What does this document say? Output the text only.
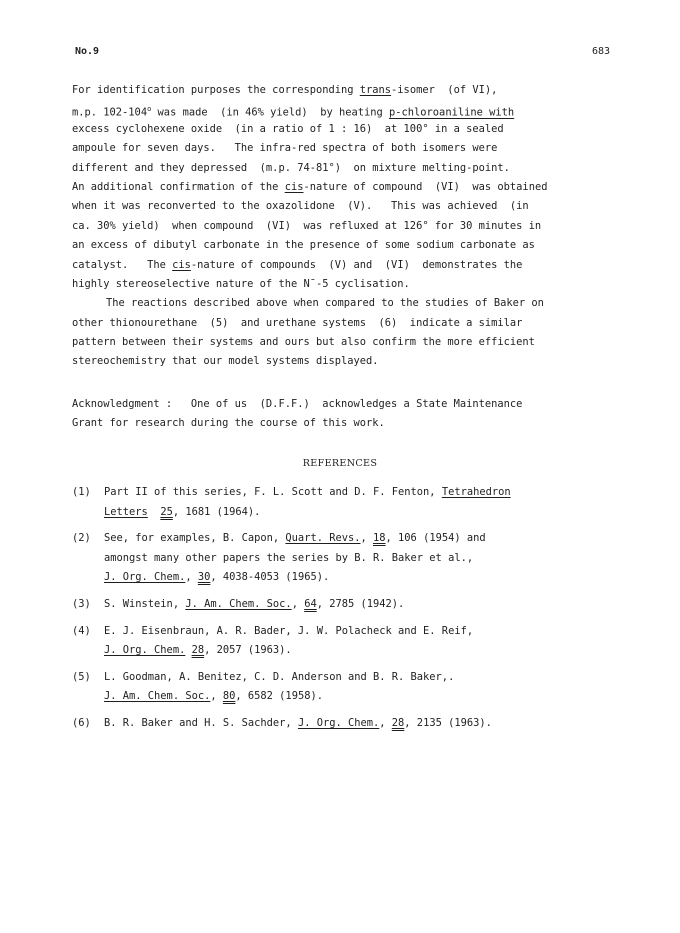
No.9	683
For identification purposes the corresponding trans-isomer  (of VI),
m.p. 102-104$^o$ was made  (in 46% yield)  by heating p-chloroaniline with
excess cyclohexene oxide  (in a ratio of 1 : 16)  at 100° in a sealed
ampoule for seven days.   The infra-red spectra of both isomers were
different and they depressed  (m.p. 74-81°)  on mixture melting-point.
An additional confirmation of the cis-nature of compound  (VI)  was obtained
when it was reconverted to the oxazolidone  (V).   This was achieved  (in
ca. 30% yield)  when compound  (VI)  was refluxed at 126° for 30 minutes in
an excess of dibutyl carbonate in the presence of some sodium carbonate as
catalyst.   The cis-nature of compounds  (V) and  (VI)  demonstrates the
highly stereoselective nature of the N¯-5 cyclisation.
The reactions described above when compared to the studies of Baker on
other thionourethane  (5)  and urethane systems  (6)  indicate a similar
pattern between their systems and ours but also confirm the more efficient
stereochemistry that our model systems displayed.
Acknowledgment :   One of us  (D.F.F.)  acknowledges a State Maintenance
Grant for research during the course of this work.
REFERENCES
(1) Part II of this series, F. L. Scott and D. F. Fenton, Tetrahedron
Letters 25, 1681 (1964).
(2) See, for examples, B. Capon, Quart. Revs., 18, 106 (1954) and
amongst many other papers the series by B. R. Baker et al.,
J. Org. Chem., 30, 4038-4053 (1965).
(3) S. Winstein, J. Am. Chem. Soc., 64, 2785 (1942).
(4) E. J. Eisenbraun, A. R. Bader, J. W. Polacheck and E. Reif,
J. Org. Chem. 28, 2057 (1963).
(5) L. Goodman, A. Benitez, C. D. Anderson and B. R. Baker,.
J. Am. Chem. Soc., 80, 6582 (1958).
(6) B. R. Baker and H. S. Sachder, J. Org. Chem., 28, 2135 (1963).
